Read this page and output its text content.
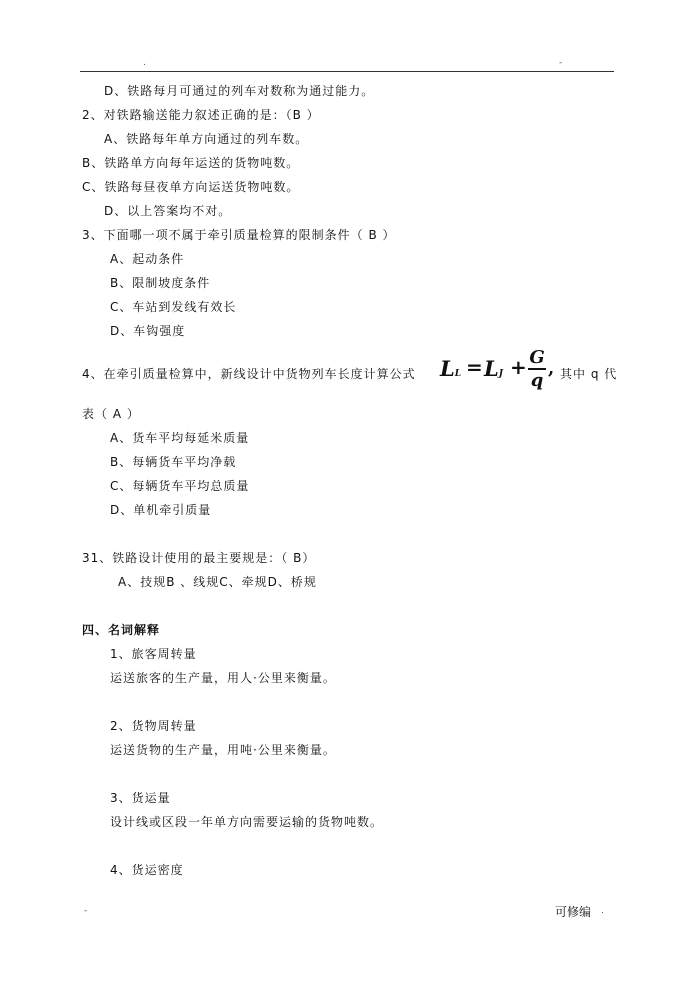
.	-
D、铁路每月可通过的列车对数称为通过能力。
2、对铁路输送能力叙述正确的是：（B ）
A、铁路每年单方向通过的列车数。
B、铁路单方向每年运送的货物吨数。
C、铁路每昼夜单方向运送货物吨数。
D、以上答案均不对。
3、下面哪一项不属于牵引质量检算的限制条件（ B ）
A、起动条件
B、限制坡度条件
C、车站到发线有效长
D、车钩强度
4、在牵引质量检算中，新线设计中货物列车长度计算公式	其中 q 代
表（ A ）
A、货车平均每延米质量
B、每辆货车平均净载
C、每辆货车平均总质量
D、单机牵引质量
31、铁路设计使用的最主要规是：（ B）
A、技规B 、线规C、牵规D、桥规
四、名词解释
1、旅客周转量
运送旅客的生产量，用人·公里来衡量。
2、货物周转量
运送货物的生产量，用吨·公里来衡量。
3、货运量
设计线或区段一年单方向需要运输的货物吨数。
4、货运密度
LL = LJ + G
q
,
-	可修编 .
